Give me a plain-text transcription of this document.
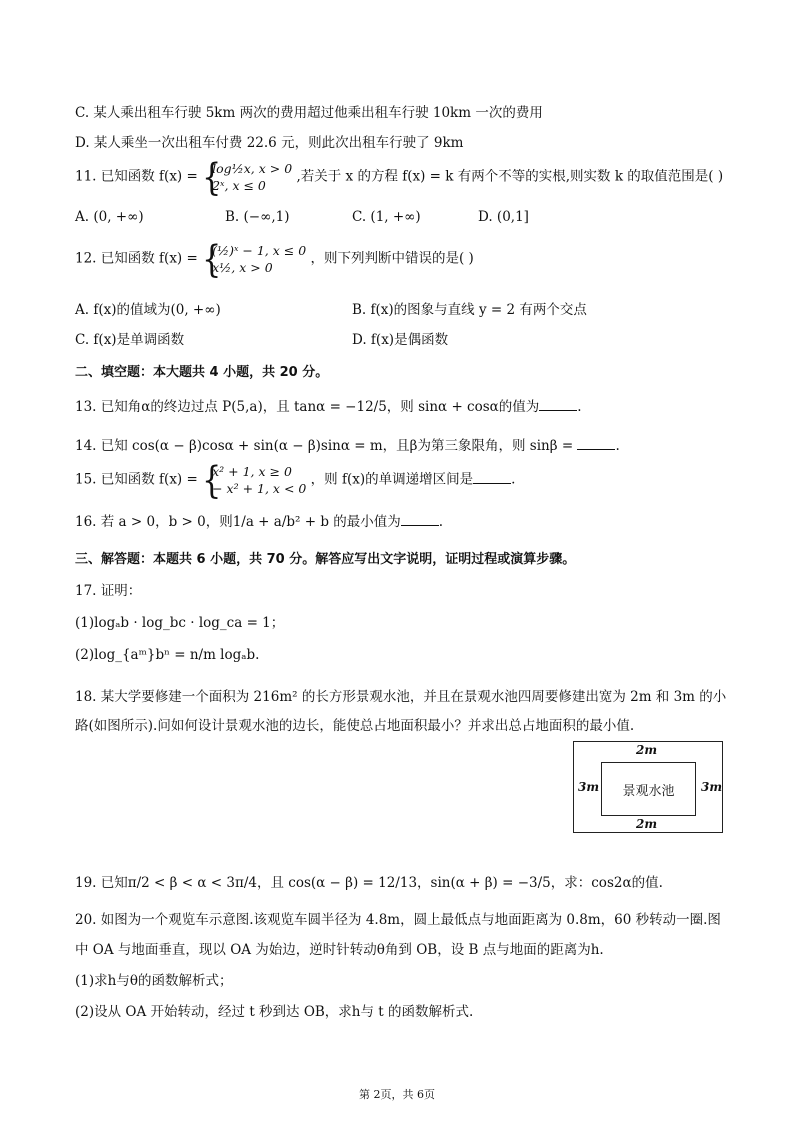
C. 某人乘出租车行驶 5km 两次的费用超过他乘出租车行驶 10km 一次的费用
D. 某人乘坐一次出租车付费 22.6 元，则此次出租车行驶了 9km
11. 已知函数 f(x) = {
log½x, x > 0
2ˣ, x ≤ 0
,若关于 x 的方程 f(x) = k 有两个不等的实根,则实数 k 的取值范围是( )
A. (0, +∞)	B. (−∞,1)	C. (1, +∞)	D. (0,1]
12. 已知函数 f(x) = {
(½)ˣ − 1, x ≤ 0
x½, x > 0
，则下列判断中错误的是( )
A. f(x)的值域为(0, +∞)	B. f(x)的图象与直线 y = 2 有两个交点
C. f(x)是单调函数	D. f(x)是偶函数
二、填空题：本大题共 4 小题，共 20 分。
13. 已知角α的终边过点 P(5,a)，且 tanα = −12/5，则 sinα + cosα的值为	.
14. 已知 cos(α − β)cosα + sin(α − β)sinα = m，且β为第三象限角，则 sinβ =	.
15. 已知函数 f(x) = {
x² + 1, x ≥ 0
− x² + 1, x < 0
，则 f(x)的单调递增区间是	.
16. 若 a > 0，b > 0，则1/a + a/b² + b 的最小值为	.
三、解答题：本题共 6 小题，共 70 分。解答应写出文字说明，证明过程或演算步骤。
17. 证明：
(1)logₐb · log_bc · log_ca = 1；
(2)log_{aᵐ}bⁿ = n/m logₐb.
18. 某大学要修建一个面积为 216m² 的长方形景观水池，并且在景观水池四周要修建出宽为 2m 和 3m 的小
路(如图所示).问如何设计景观水池的边长，能使总占地面积最小？并求出总占地面积的最小值.
景观水池
2m
2m
3m	3m
19. 已知π/2 < β < α < 3π/4，且 cos(α − β) = 12/13，sin(α + β) = −3/5，求：cos2α的值.
20. 如图为一个观览车示意图.该观览车圆半径为 4.8m，圆上最低点与地面距离为 0.8m，60 秒转动一圈.图
中 OA 与地面垂直，现以 OA 为始边，逆时针转动θ角到 OB，设 B 点与地面的距离为h.
(1)求h与θ的函数解析式；
(2)设从 OA 开始转动，经过 t 秒到达 OB，求h与 t 的函数解析式.
第 2页，共 6页
